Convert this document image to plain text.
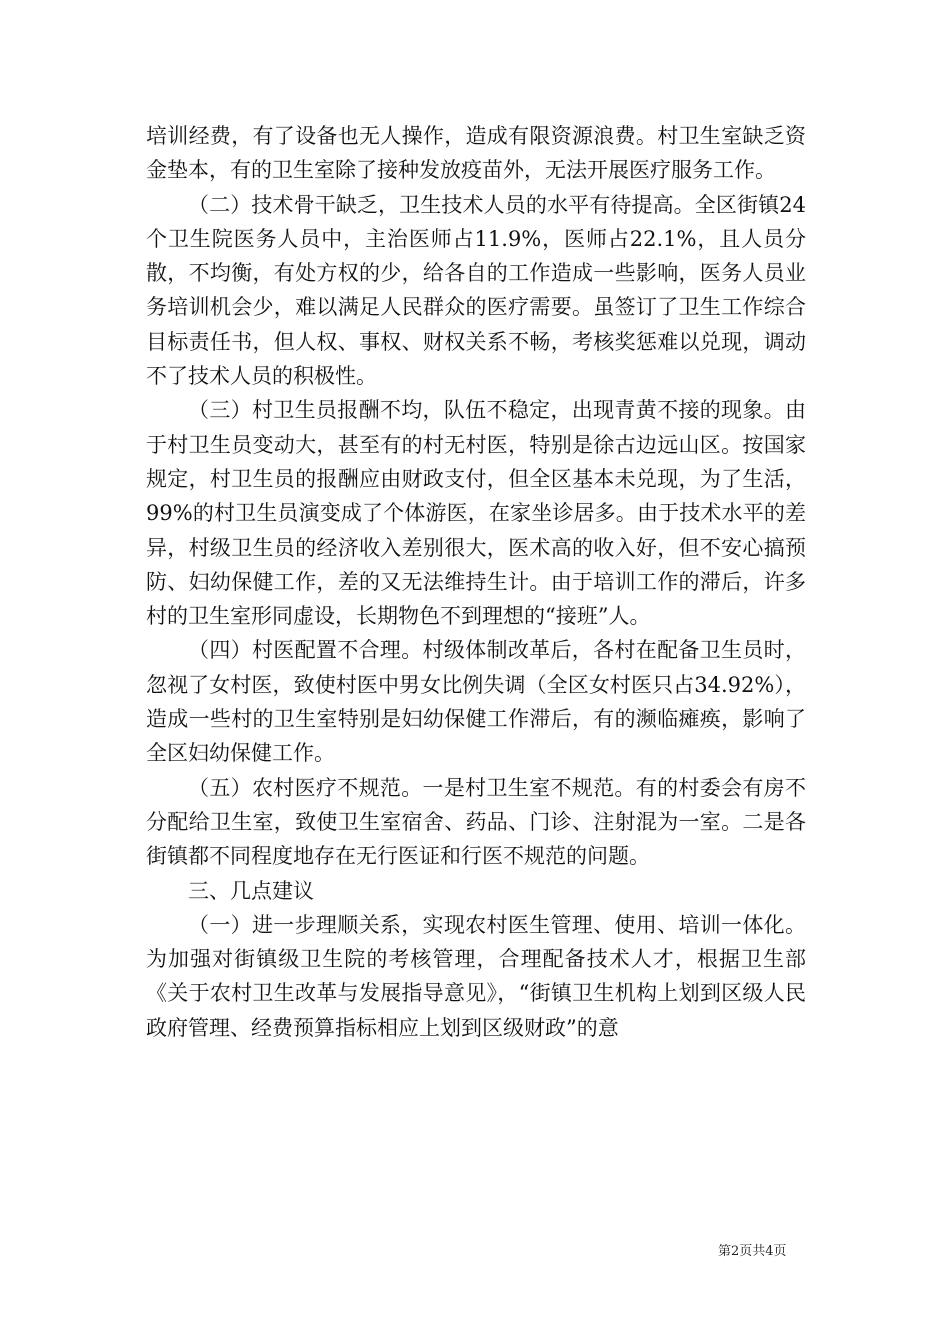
培训经费，有了设备也无人操作，造成有限资源浪费。村卫生室缺乏资金垫本，有的卫生室除了接种发放疫苗外，无法开展医疗服务工作。

（二）技术骨干缺乏，卫生技术人员的水平有待提高。全区街镇24个卫生院医务人员中，主治医师占11.9%，医师占22.1%，且人员分散，不均衡，有处方权的少，给各自的工作造成一些影响，医务人员业务培训机会少，难以满足人民群众的医疗需要。虽签订了卫生工作综合目标责任书，但人权、事权、财权关系不畅，考核奖惩难以兑现，调动不了技术人员的积极性。

（三）村卫生员报酬不均，队伍不稳定，出现青黄不接的现象。由于村卫生员变动大，甚至有的村无村医，特别是徐古边远山区。按国家规定，村卫生员的报酬应由财政支付，但全区基本未兑现，为了生活，99%的村卫生员演变成了个体游医，在家坐诊居多。由于技术水平的差异，村级卫生员的经济收入差别很大，医术高的收入好，但不安心搞预防、妇幼保健工作，差的又无法维持生计。由于培训工作的滞后，许多村的卫生室形同虚设，长期物色不到理想的“接班”人。

（四）村医配置不合理。村级体制改革后，各村在配备卫生员时，忽视了女村医，致使村医中男女比例失调（全区女村医只占34.92%），造成一些村的卫生室特别是妇幼保健工作滞后，有的濒临瘫痪，影响了全区妇幼保健工作。

（五）农村医疗不规范。一是村卫生室不规范。有的村委会有房不分配给卫生室，致使卫生室宿舍、药品、门诊、注射混为一室。二是各街镇都不同程度地存在无行医证和行医不规范的问题。

三、几点建议

（一）进一步理顺关系，实现农村医生管理、使用、培训一体化。为加强对街镇级卫生院的考核管理，合理配备技术人才，根据卫生部《关于农村卫生改革与发展指导意见》，“街镇卫生机构上划到区级人民政府管理、经费预算指标相应上划到区级财政”的意

第2页共4页
